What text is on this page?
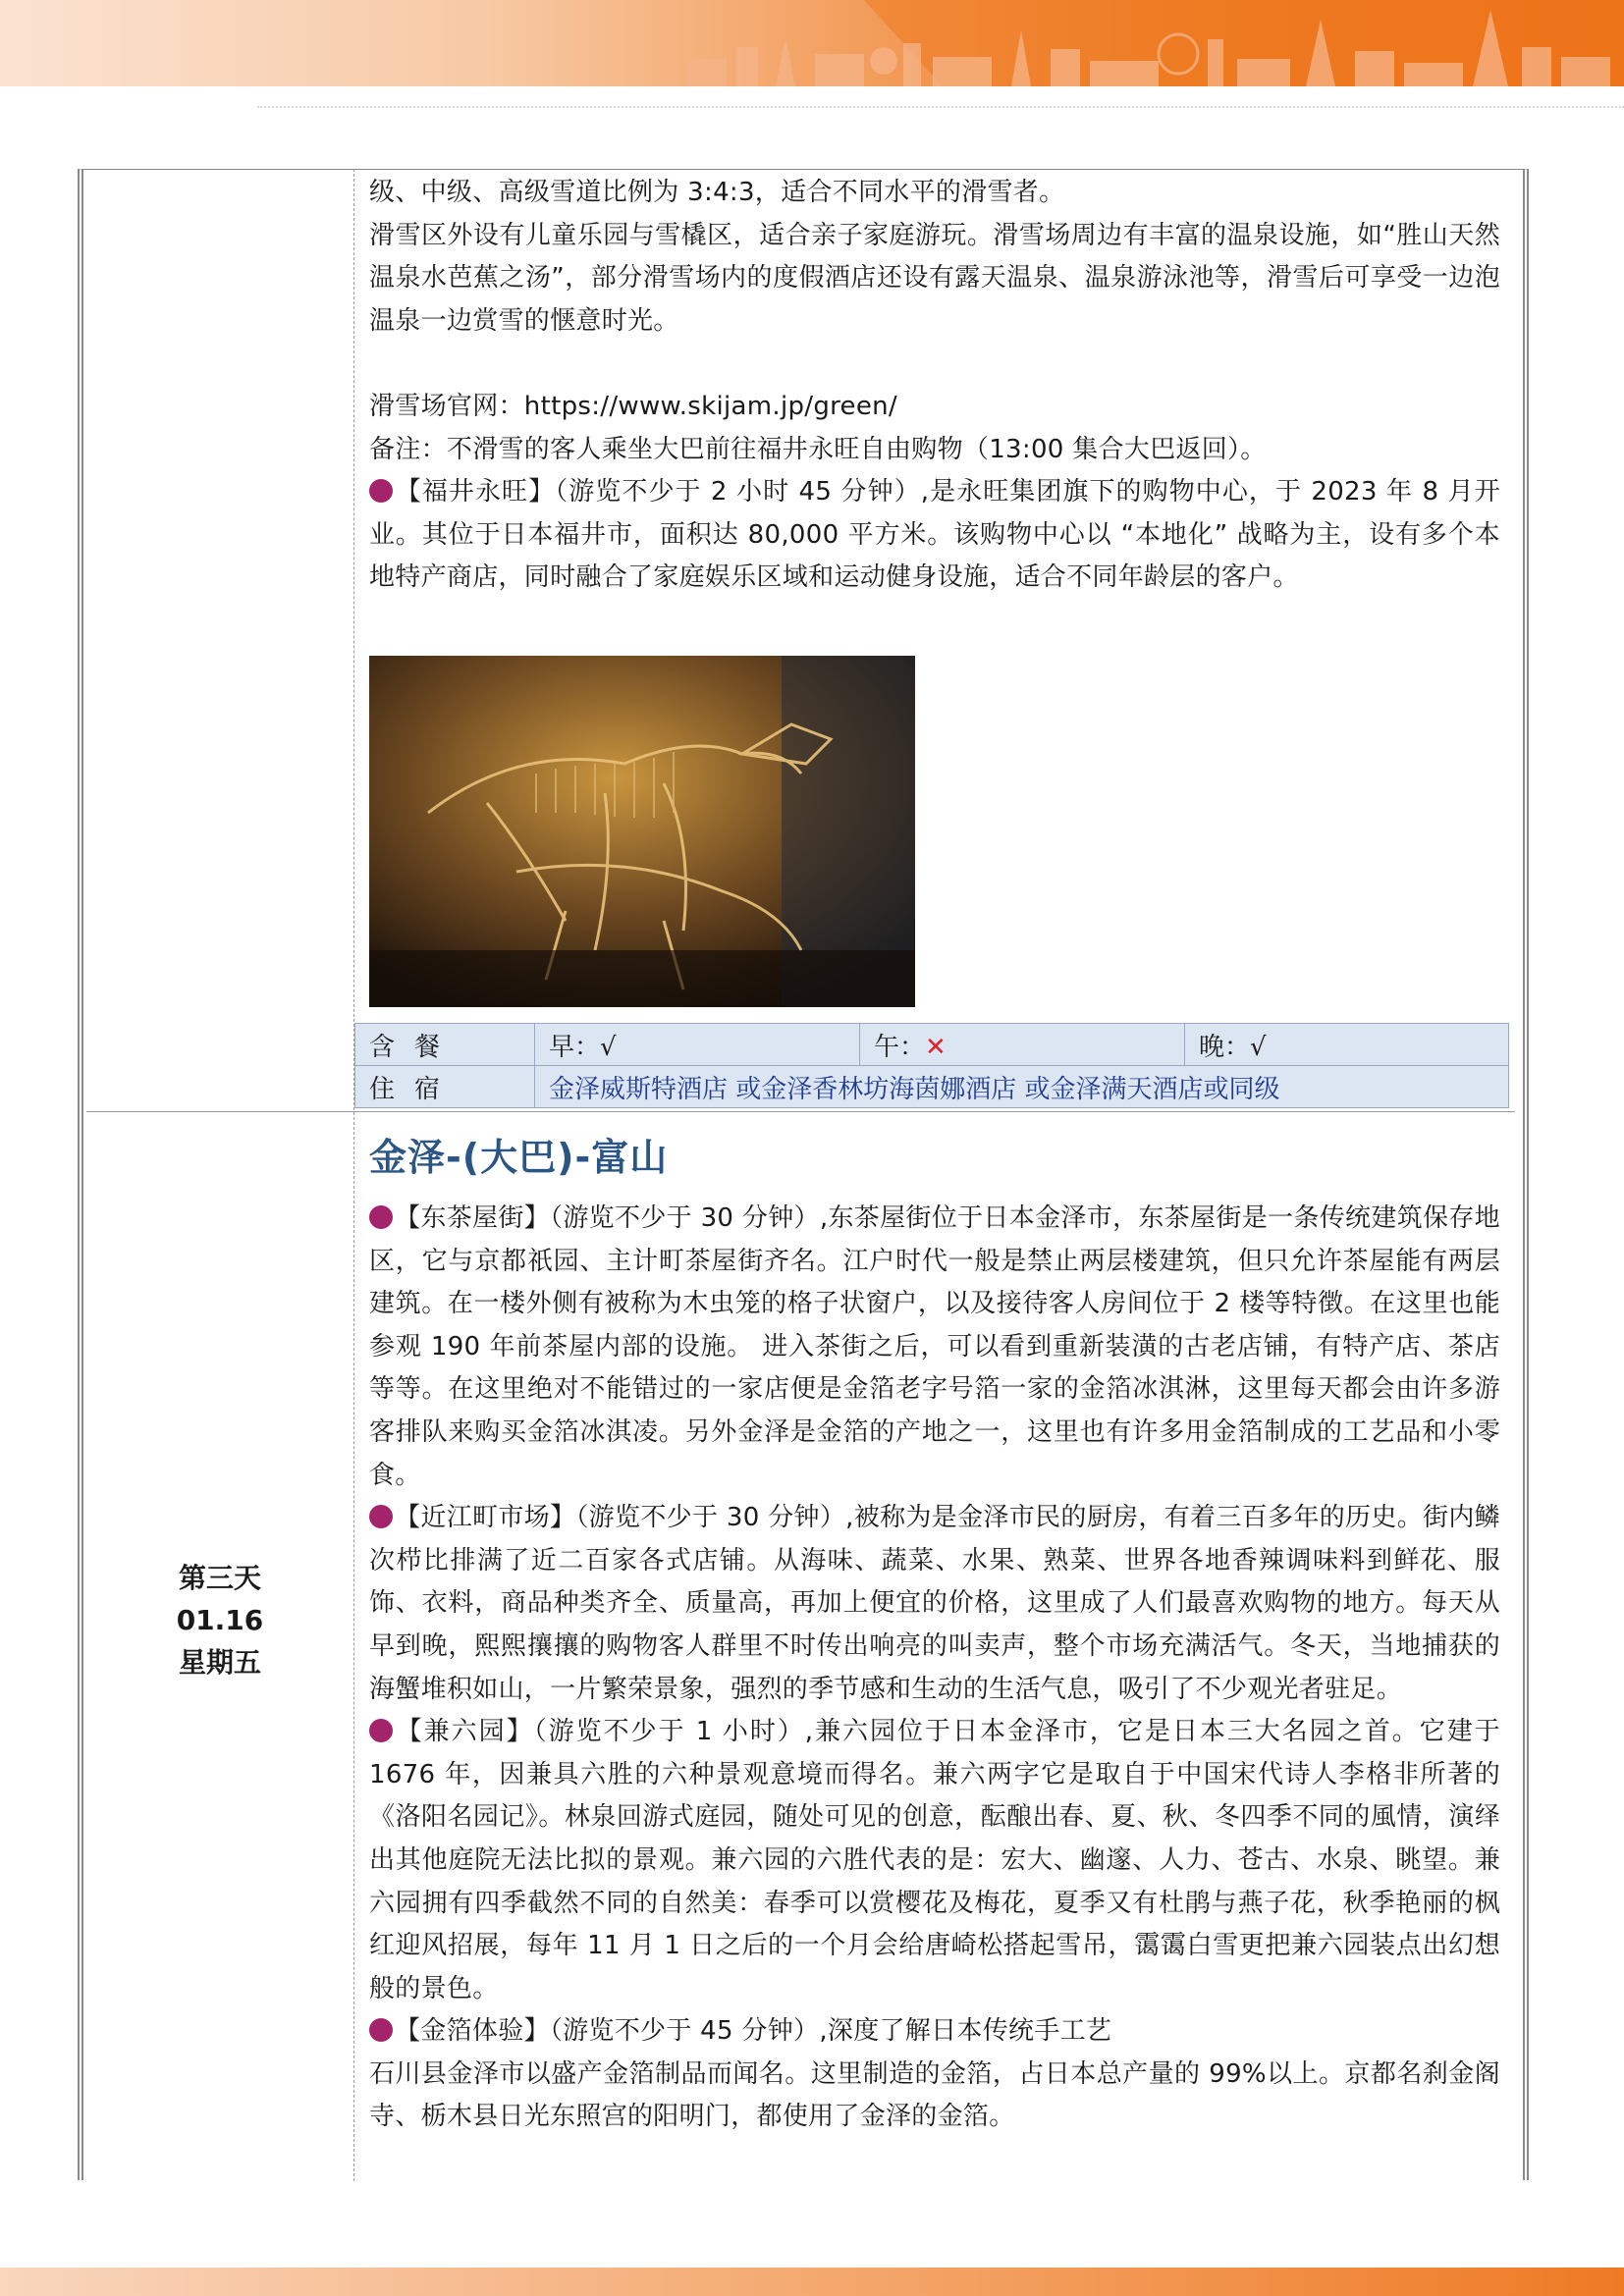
级、中级、高级雪道比例为 3:4:3，适合不同水平的滑雪者。

滑雪区外设有儿童乐园与雪橇区，适合亲子家庭游玩。滑雪场周边有丰富的温泉设施，如“胜山天然温泉水芭蕉之汤”，部分滑雪场内的度假酒店还设有露天温泉、温泉游泳池等，滑雪后可享受一边泡温泉一边赏雪的惬意时光。

滑雪场官网：https://www.skijam.jp/green/

备注：不滑雪的客人乘坐大巴前往福井永旺自由购物（13:00 集合大巴返回）。

【福井永旺】（游览不少于 2 小时 45 分钟）,是永旺集团旗下的购物中心，于 2023 年 8 月开业。其位于日本福井市，面积达 80,000 平方米。该购物中心以 “本地化” 战略为主，设有多个本地特产商店，同时融合了家庭娱乐区域和运动健身设施，适合不同年龄层的客户。

含餐	早：√	午：✕	晚：√
住宿	金泽威斯特酒店 或金泽香林坊海茵娜酒店 或金泽满天酒店或同级		
第三天
01.16
星期五
金泽-(大巴)-富山

【东茶屋街】（游览不少于 30 分钟）,东茶屋街位于日本金泽市，东茶屋街是一条传统建筑保存地区，它与京都祇园、主计町茶屋街齐名。江户时代一般是禁止两层楼建筑，但只允许茶屋能有两层建筑。在一楼外侧有被称为木虫笼的格子状窗户，以及接待客人房间位于 2 楼等特徴。在这里也能参观 190 年前茶屋内部的设施。 进入茶街之后，可以看到重新装潢的古老店铺，有特产店、茶店等等。在这里绝对不能错过的一家店便是金箔老字号箔一家的金箔冰淇淋，这里每天都会由许多游客排队来购买金箔冰淇凌。另外金泽是金箔的产地之一，这里也有许多用金箔制成的工艺品和小零食。

【近江町市场】（游览不少于 30 分钟）,被称为是金泽市民的厨房，有着三百多年的历史。街内鳞次栉比排满了近二百家各式店铺。从海味、蔬菜、水果、熟菜、世界各地香辣调味料到鲜花、服饰、衣料，商品种类齐全、质量高，再加上便宜的价格，这里成了人们最喜欢购物的地方。每天从早到晚，熙熙攘攘的购物客人群里不时传出响亮的叫卖声，整个市场充满活气。冬天，当地捕获的海蟹堆积如山，一片繁荣景象，强烈的季节感和生动的生活气息，吸引了不少观光者驻足。

【兼六园】（游览不少于 1 小时）,兼六园位于日本金泽市，它是日本三大名园之首。它建于 1676 年，因兼具六胜的六种景观意境而得名。兼六两字它是取自于中国宋代诗人李格非所著的《洛阳名园记》。林泉回游式庭园，随处可见的创意，酝酿出春、夏、秋、冬四季不同的風情，演绎出其他庭院无法比拟的景观。兼六园的六胜代表的是：宏大、幽邃、人力、苍古、水泉、眺望。兼六园拥有四季截然不同的自然美：春季可以赏樱花及梅花，夏季又有杜鹃与燕子花，秋季艳丽的枫红迎风招展，每年 11 月 1 日之后的一个月会给唐崎松搭起雪吊，霭霭白雪更把兼六园装点出幻想般的景色。

【金箔体验】（游览不少于 45 分钟）,深度了解日本传统手工艺

石川县金泽市以盛产金箔制品而闻名。这里制造的金箔，占日本总产量的 99%以上。京都名刹金阁寺、栃木县日光东照宫的阳明门，都使用了金泽的金箔。
